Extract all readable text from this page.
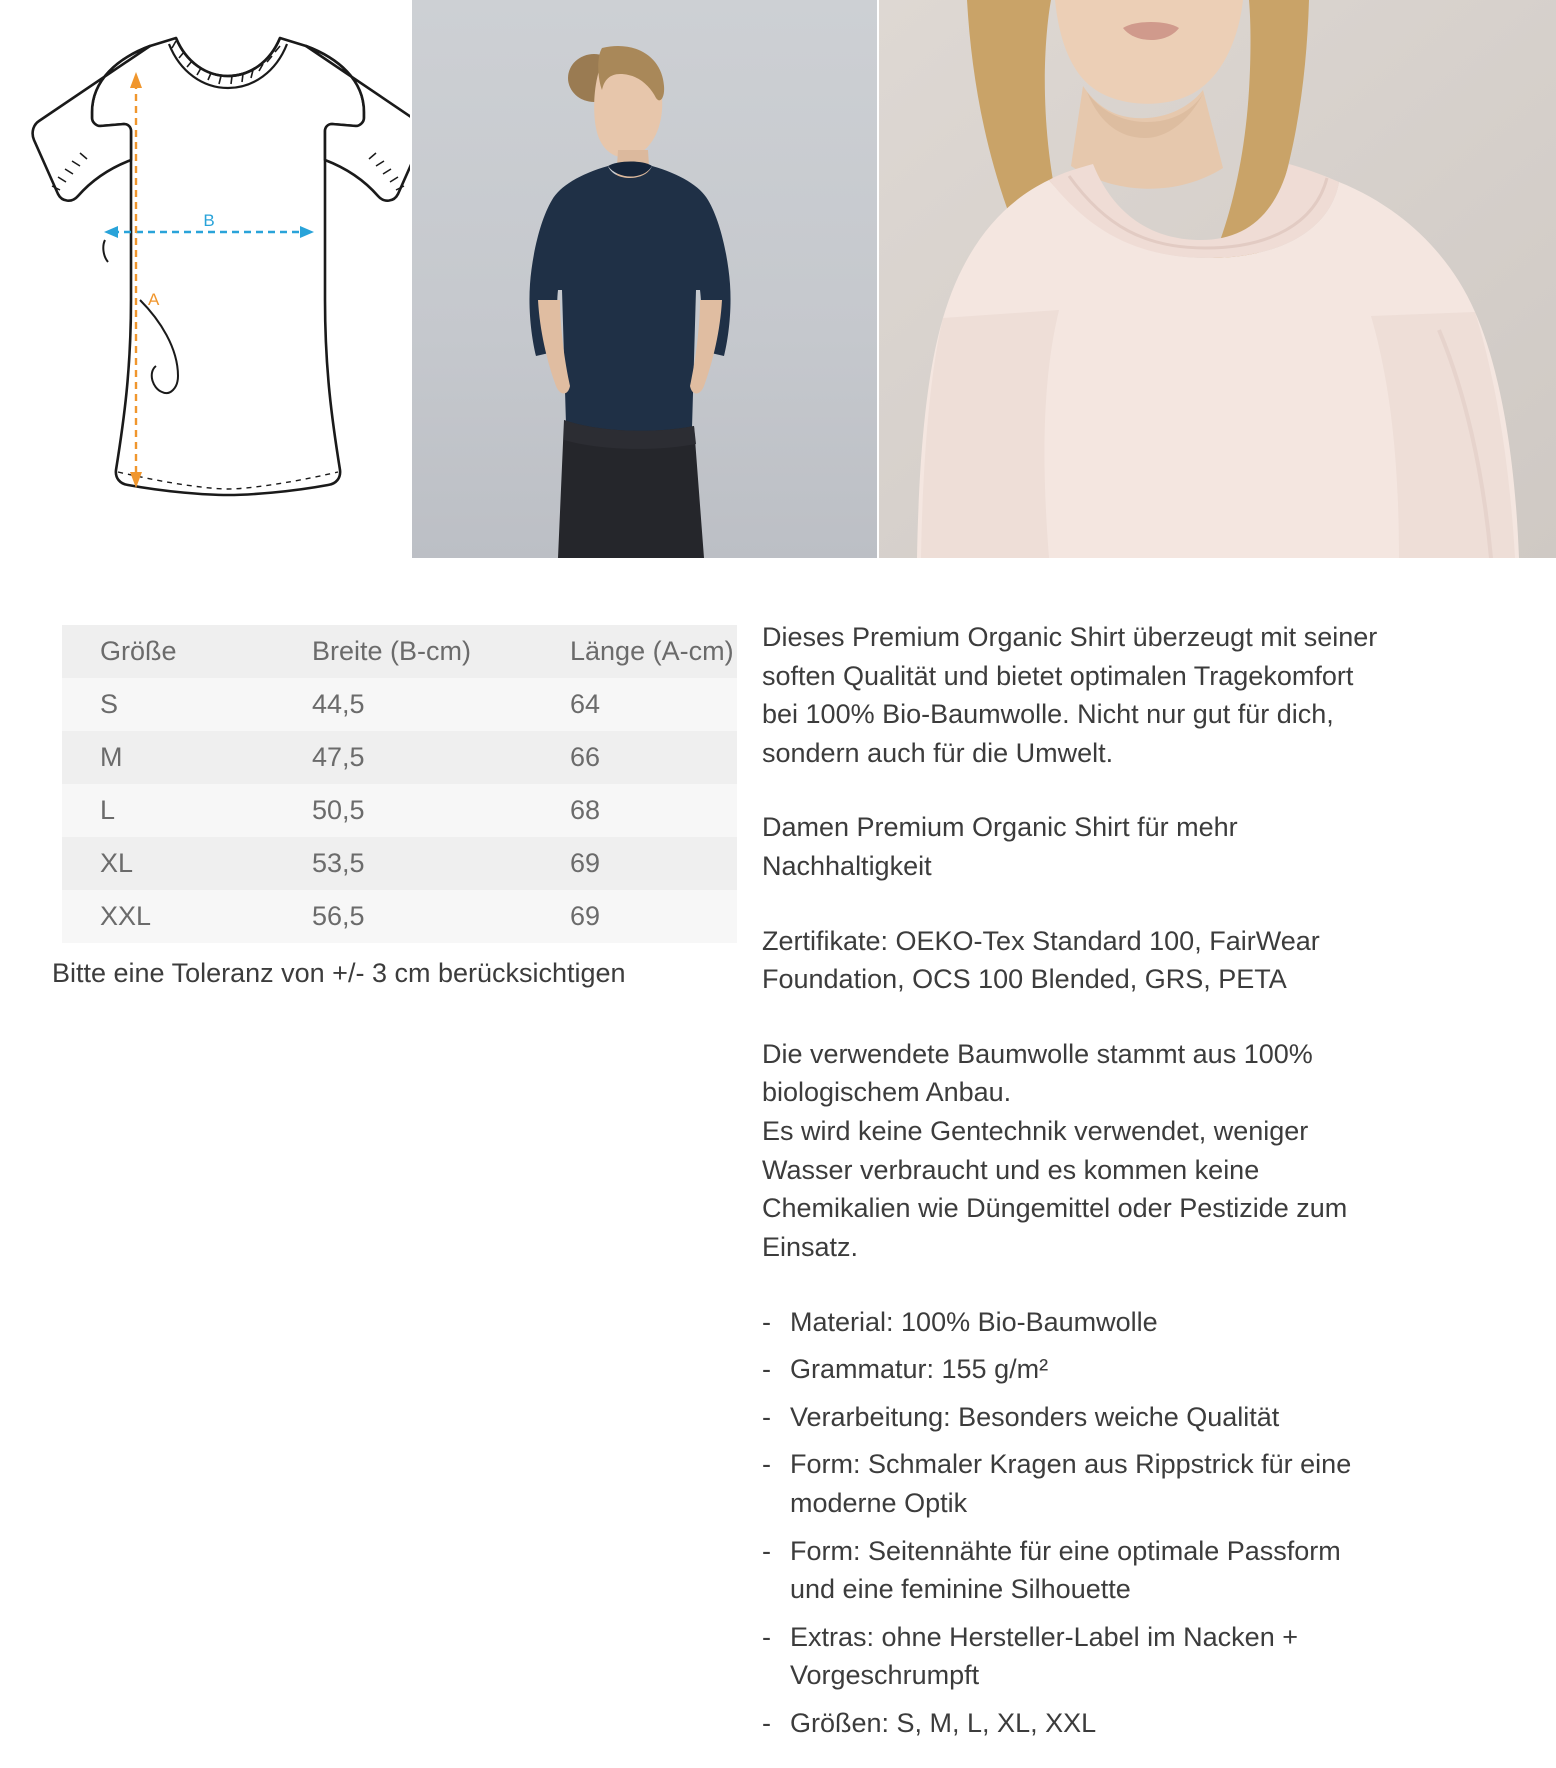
B
A
Größe	Breite (B-cm)	Länge (A-cm)
S	44,5	64
M	47,5	66
L	50,5	68
XL	53,5	69
XXL	56,5	69
Bitte eine Toleranz von +/- 3 cm berücksichtigen

Dieses Premium Organic Shirt überzeugt mit seiner soften Qualität und bietet optimalen Tragekomfort bei 100% Bio-Baumwolle. Nicht nur gut für dich, sondern auch für die Umwelt.

Damen Premium Organic Shirt für mehr Nachhaltigkeit

Zertifikate: OEKO-Tex Standard 100, FairWear Foundation, OCS 100 Blended, GRS, PETA

Die verwendete Baumwolle stammt aus 100% biologischem Anbau.

Es wird keine Gentechnik verwendet, weniger Wasser verbraucht und es kommen keine Chemikalien wie Düngemittel oder Pestizide zum Einsatz.

- Material: 100% Bio-Baumwolle
- Grammatur: 155 g/m²
- Verarbeitung: Besonders weiche Qualität
- Form: Schmaler Kragen aus Rippstrick für eine moderne Optik
- Form: Seitennähte für eine optimale Passform und eine feminine Silhouette
- Extras: ohne Hersteller-Label im Nacken + Vorgeschrumpft
- Größen: S, M, L, XL, XXL
